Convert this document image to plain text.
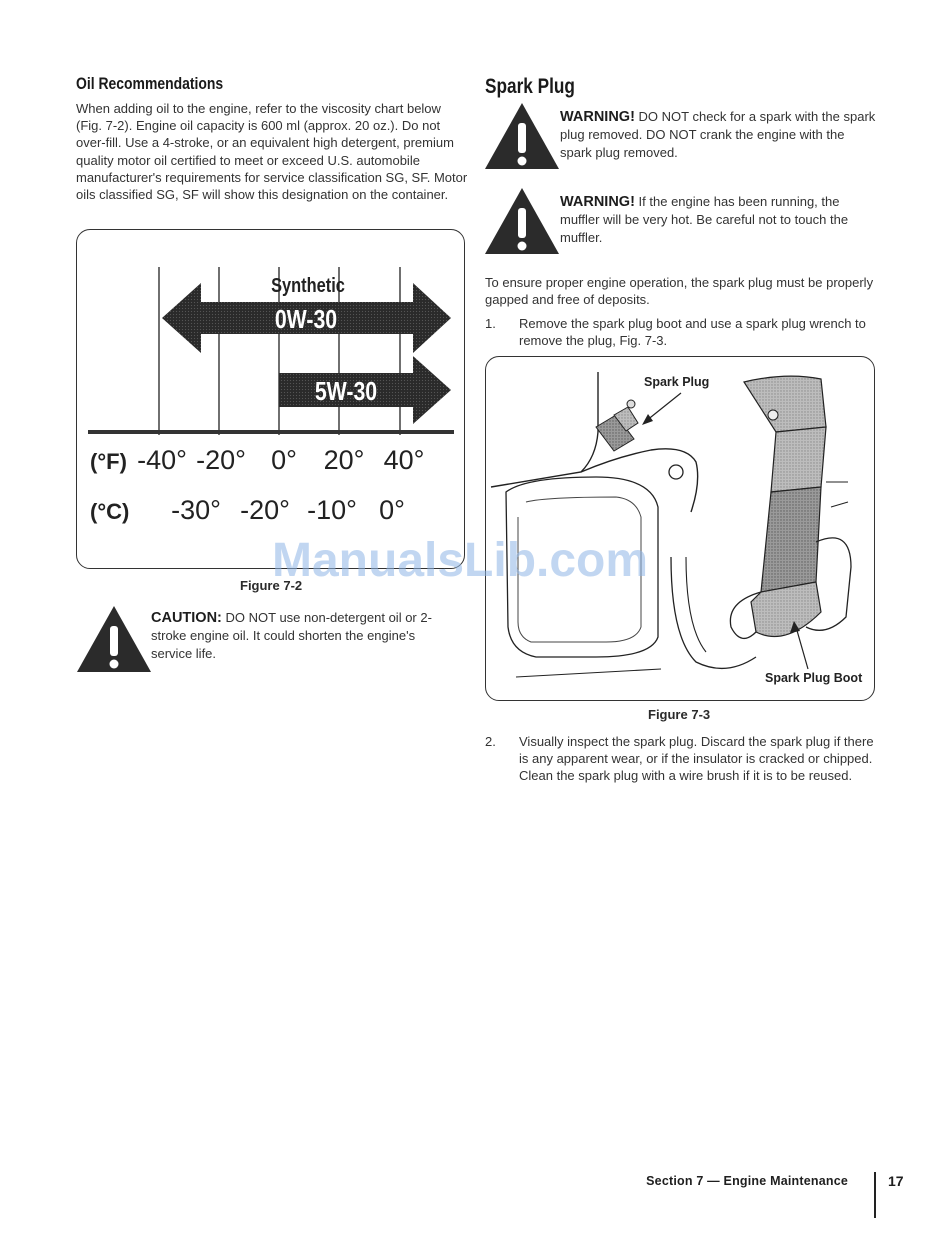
Oil Recommendations
When adding oil to the engine, refer to the viscosity chart below (Fig. 7-2). Engine oil capacity is 600 ml (approx. 20 oz.). Do not over-fill. Use a 4-stroke, or an equivalent high detergent, premium quality motor oil certified to meet or exceed U.S. automobile manufacturer's requirements for service classification SG, SF. Motor oils classified SG, SF will show this designation on the container.
Synthetic
0W-30
5W-30
(°F) -40° -20° 0° 20° 40°
(°C) -30° -20° -10° 0°
Figure 7-2
CAUTION: DO NOT use non-detergent oil or 2-stroke engine oil. It could shorten the engine's service life.
Spark Plug
WARNING! DO NOT check for a spark with the spark plug removed. DO NOT crank the engine with the spark plug removed.
WARNING! If the engine has been running, the muffler will be very hot. Be careful not to touch the muffler.
To ensure proper engine operation, the spark plug must be properly gapped and free of deposits.
1.	Remove the spark plug boot and use a spark plug wrench to remove the plug, Fig. 7-3.
Spark Plug
Spark Plug Boot
Figure 7-3
2.	Visually inspect the spark plug. Discard the spark plug if there is any apparent wear, or if the insulator is cracked or chipped. Clean the spark plug with a wire brush if it is to be reused.
ManualsLib.com
Section 7 — Engine Maintenance	17
